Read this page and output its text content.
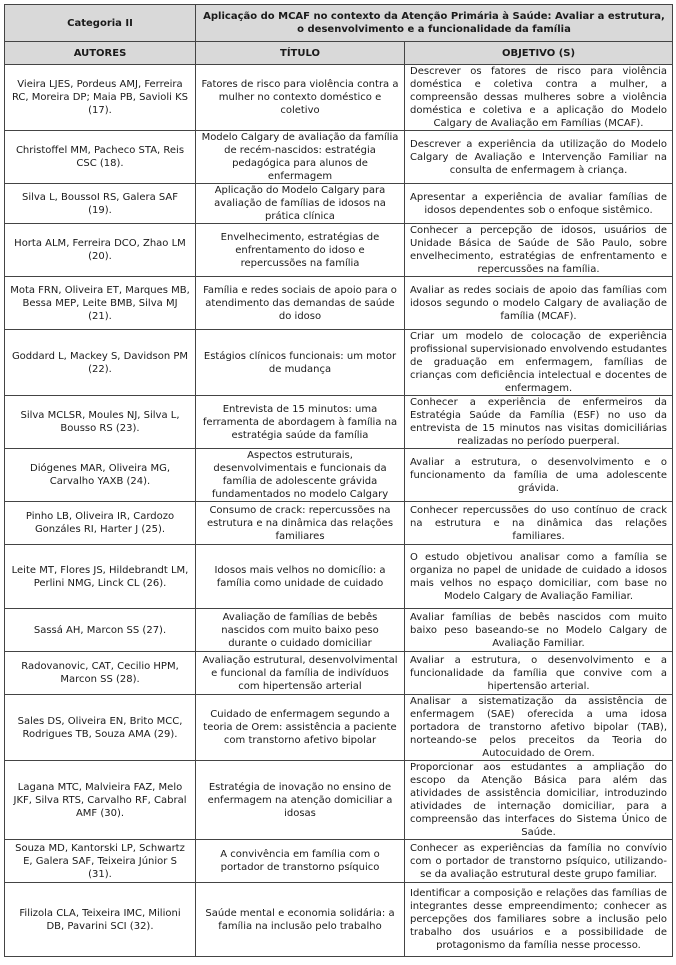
Categoria II	Aplicação do MCAF no contexto da Atenção Primária à Saúde: Avaliar a estrutura, o desenvolvimento e a funcionalidade da família	
AUTORES	TÍTULO	OBJETIVO (S)
Vieira LJES, Pordeus AMJ, Ferreira RC, Moreira DP; Maia PB, Savioli KS (17).	Fatores de risco para violência contra a mulher no contexto doméstico e coletivo	Descrever os fatores de risco para violência doméstica e coletiva contra a mulher, a compreensão dessas mulheres sobre a violência doméstica e coletiva e a aplicação do Modelo Calgary de Avaliação em Famílias (MCAF).
Christoffel MM, Pacheco STA, Reis CSC (18).	Modelo Calgary de avaliação da família de recém-nascidos: estratégia pedagógica para alunos de enfermagem	Descrever a experiência da utilização do Modelo Calgary de Avaliação e Intervenção Familiar na consulta de enfermagem à criança.
Silva L, BoussoI RS, Galera SAF (19).	Aplicação do Modelo Calgary para avaliação de famílias de idosos na prática clínica	Apresentar a experiência de avaliar famílias de idosos dependentes sob o enfoque sistêmico.
Horta ALM, Ferreira DCO, Zhao LM (20).	Envelhecimento, estratégias de enfrentamento do idoso e repercussões na família	Conhecer a percepção de idosos, usuários de Unidade Básica de Saúde de São Paulo, sobre envelhecimento, estratégias de enfrentamento e repercussões na família.
Mota FRN, Oliveira ET, Marques MB, Bessa MEP, Leite BMB, Silva MJ (21).	Família e redes sociais de apoio para o atendimento das demandas de saúde do idoso	Avaliar as redes sociais de apoio das famílias com idosos segundo o modelo Calgary de avaliação de família (MCAF).
Goddard L, Mackey S, Davidson PM (22).	Estágios clínicos funcionais: um motor de mudança	Criar um modelo de colocação de experiência profissional supervisionado envolvendo estudantes de graduação em enfermagem, famílias de crianças com deficiência intelectual e docentes de enfermagem.
Silva MCLSR, Moules NJ, Silva L, Bousso RS (23).	Entrevista de 15 minutos: uma ferramenta de abordagem à família na estratégia saúde da família	Conhecer a experiência de enfermeiros da Estratégia Saúde da Família (ESF) no uso da entrevista de 15 minutos nas visitas domiciliárias realizadas no período puerperal.
Diógenes MAR, Oliveira MG, Carvalho YAXB (24).	Aspectos estruturais, desenvolvimentais e funcionais da família de adolescente grávida fundamentados no modelo Calgary	Avaliar a estrutura, o desenvolvimento e o funcionamento da família de uma adolescente grávida.
Pinho LB, Oliveira IR, Cardozo Gonzáles RI, Harter J (25).	Consumo de crack: repercussões na estrutura e na dinâmica das relações familiares	Conhecer repercussões do uso contínuo de crack na estrutura e na dinâmica das relações familiares.
Leite MT, Flores JS, Hildebrandt LM, Perlini NMG, Linck CL (26).	Idosos mais velhos no domicílio: a família como unidade de cuidado	O estudo objetivou analisar como a família se organiza no papel de unidade de cuidado a idosos mais velhos no espaço domiciliar, com base no Modelo Calgary de Avaliação Familiar.
Sassá AH, Marcon SS (27).	Avaliação de famílias de bebês nascidos com muito baixo peso durante o cuidado domiciliar	Avaliar famílias de bebês nascidos com muito baixo peso baseando-se no Modelo Calgary de Avaliação Familiar.
Radovanovic, CAT, Cecilio HPM, Marcon SS (28).	Avaliação estrutural, desenvolvimental e funcional da família de indivíduos com hipertensão arterial	Avaliar a estrutura, o desenvolvimento e a funcionalidade da família que convive com a hipertensão arterial.
Sales DS, Oliveira EN, Brito MCC, Rodrigues TB, Souza AMA (29).	Cuidado de enfermagem segundo a teoria de Orem: assistência a paciente com transtorno afetivo bipolar	Analisar a sistematização da assistência de enfermagem (SAE) oferecida a uma idosa portadora de transtorno afetivo bipolar (TAB), norteando-se pelos preceitos da Teoria do Autocuidado de Orem.
Lagana MTC, Malvieira FAZ, Melo JKF, Silva RTS, Carvalho RF, Cabral AMF (30).	Estratégia de inovação no ensino de enfermagem na atenção domiciliar a idosas	Proporcionar aos estudantes a ampliação do escopo da Atenção Básica para além das atividades de assistência domiciliar, introduzindo atividades de internação domiciliar, para a compreensão das interfaces do Sistema Único de Saúde.
Souza MD, Kantorski LP, Schwartz E, Galera SAF, Teixeira Júnior S (31).	A convivência em família com o portador de transtorno psíquico	Conhecer as experiências da família no convívio com o portador de transtorno psíquico, utilizando-se da avaliação estrutural deste grupo familiar.
Filizola CLA, Teixeira IMC, Milioni DB, Pavarini SCI (32).	Saúde mental e economia solidária: a família na inclusão pelo trabalho	Identificar a composição e relações das famílias de integrantes desse empreendimento; conhecer as percepções dos familiares sobre a inclusão pelo trabalho dos usuários e a possibilidade de protagonismo da família nesse processo.
